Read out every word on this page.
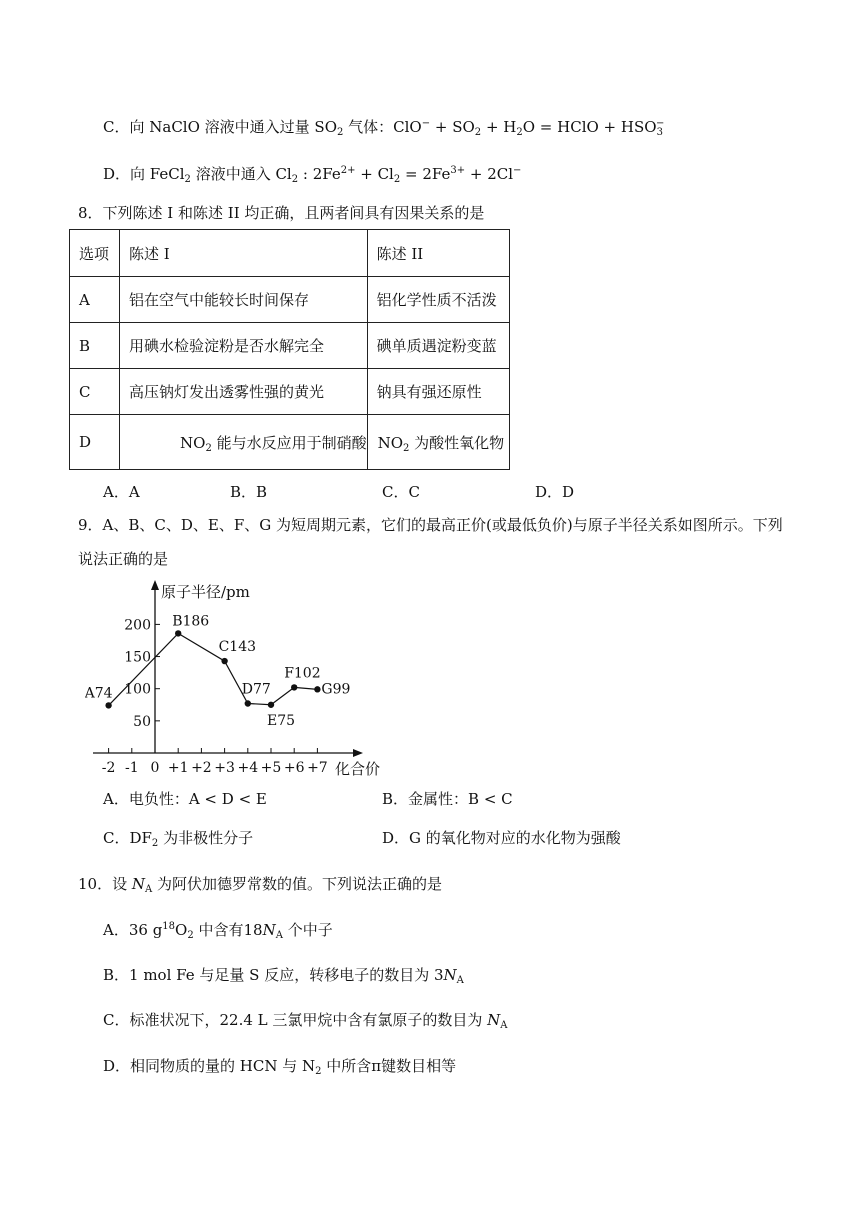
C．向 NaClO 溶液中通入过量 $SO_2$ 气体：$ClO^- + SO_2 + H_2O$ = HClO + $HSO_3^-$
D．向 FeCl$_2$ 溶液中通入 $Cl_2$ : $2Fe^{2+} + Cl_2 = 2Fe^{3+} + 2Cl^-$
8．下列陈述 I 和陈述 II 均正确，且两者间具有因果关系的是
选项	陈述 I	陈述 II
A	铝在空气中能较长时间保存	铝化学性质不活泼
B	用碘水检验淀粉是否水解完全	碘单质遇淀粉变蓝
C	高压钠灯发出透雾性强的黄光	钠具有强还原性
D	$NO_2$ 能与水反应用于制硝酸	$NO_2$ 为酸性氧化物
A．A	B．B	C．C	D．D
9．A、B、C、D、E、F、G 为短周期元素，它们的最高正价(或最低负价)与原子半径关系如图所示。下列
说法正确的是
50
100
150
200
-2 -1 0 +1 +2 +3 +4 +5 +6 +7
原子半径/pm
化合价
A74
B186
C143
D77
E75
F102
G99
A．电负性：A < D < E	B．金属性：B < C
C．$DF_2$ 为非极性分子	D．G 的氧化物对应的水化物为强酸
10．设 $N_A$ 为阿伏加德罗常数的值。下列说法正确的是
A．36 $g^{18}O_2$ 中含有$18N_A$ 个中子
B．1 mol Fe 与足量 S 反应，转移电子的数目为 $3N_A$
C．标准状况下，22.4 L 三氯甲烷中含有氯原子的数目为 $N_A$
D．相同物质的量的 HCN 与 $N_2$ 中所含π键数目相等
